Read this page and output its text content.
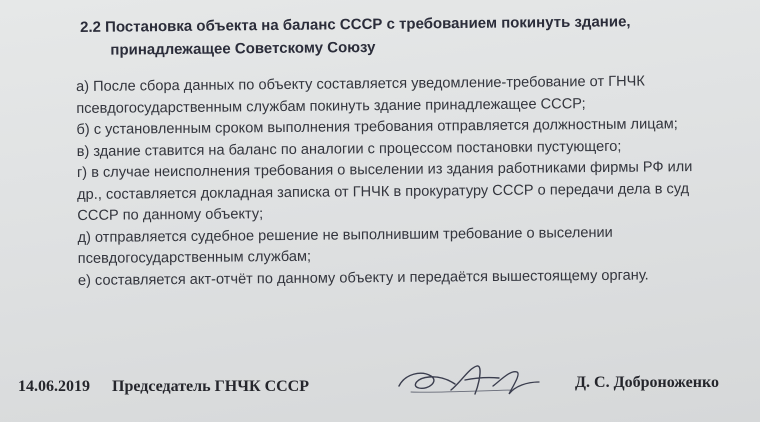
2.2 Постановка объекта на баланс СССР с требованием покинуть здание,
принадлежащее Советскому Союзу
а) После сбора данных по объекту составляется уведомление-требование от ГНЧК
псевдогосударственным службам покинуть здание принадлежащее СССР;
б) с установленным сроком выполнения требования отправляется должностным лицам;
в) здание ставится на баланс по аналогии с процессом постановки пустующего;
г) в случае неисполнения требования о выселении из здания работниками фирмы РФ или
др., составляется докладная записка от ГНЧК в прокуратуру СССР о передачи дела в суд
СССР по данному объекту;
д) отправляется судебное решение не выполнившим требование о выселении
псевдогосударственным службам;
е) составляется акт-отчёт по данному объекту и передаётся вышестоящему органу.
14.06.2019 Председатель ГНЧК СССР	Д. С. Доброноженко
